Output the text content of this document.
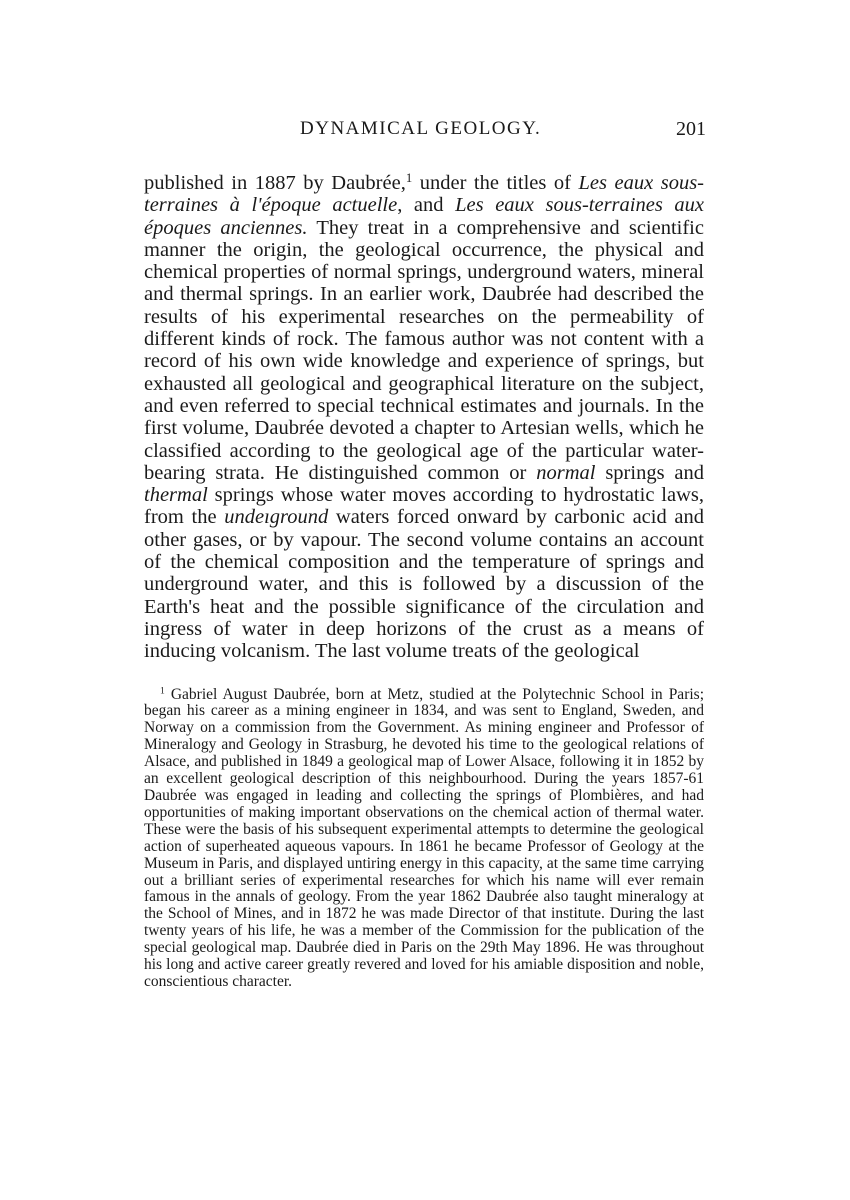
DYNAMICAL GEOLOGY.	201

published in 1887 by Daubrée,$^1$ under the titles of Les eaux sous-terraines à l'époque actuelle, and Les eaux sous-terraines aux époques anciennes. They treat in a comprehensive and scientific manner the origin, the geological occurrence, the physical and chemical properties of normal springs, underground waters, mineral and thermal springs. In an earlier work, Daubrée had described the results of his experimental researches on the permeability of different kinds of rock. The famous author was not content with a record of his own wide knowledge and experience of springs, but exhausted all geological and geographical literature on the subject, and even referred to special technical estimates and journals. In the first volume, Daubrée devoted a chapter to Artesian wells, which he classified according to the geological age of the particular water-bearing strata. He distinguished common or normal springs and thermal springs whose water moves according to hydrostatic laws, from the undeıground waters forced onward by carbonic acid and other gases, or by vapour. The second volume contains an account of the chemical composition and the temperature of springs and underground water, and this is followed by a discussion of the Earth's heat and the possible significance of the circulation and ingress of water in deep horizons of the crust as a means of inducing volcanism. The last volume treats of the geological

$^1$ Gabriel August Daubrée, born at Metz, studied at the Polytechnic School in Paris; began his career as a mining engineer in 1834, and was sent to England, Sweden, and Norway on a commission from the Government. As mining engineer and Professor of Mineralogy and Geology in Strasburg, he devoted his time to the geological relations of Alsace, and published in 1849 a geological map of Lower Alsace, following it in 1852 by an excellent geological description of this neighbourhood. During the years 1857-61 Daubrée was engaged in leading and collecting the springs of Plombières, and had opportunities of making important observations on the chemical action of thermal water. These were the basis of his subsequent experimental attempts to determine the geological action of superheated aqueous vapours. In 1861 he became Professor of Geology at the Museum in Paris, and displayed untiring energy in this capacity, at the same time carrying out a brilliant series of experimental researches for which his name will ever remain famous in the annals of geology. From the year 1862 Daubrée also taught mineralogy at the School of Mines, and in 1872 he was made Director of that institute. During the last twenty years of his life, he was a member of the Commission for the publication of the special geological map. Daubrée died in Paris on the 29th May 1896. He was throughout his long and active career greatly revered and loved for his amiable disposition and noble, conscientious character.
